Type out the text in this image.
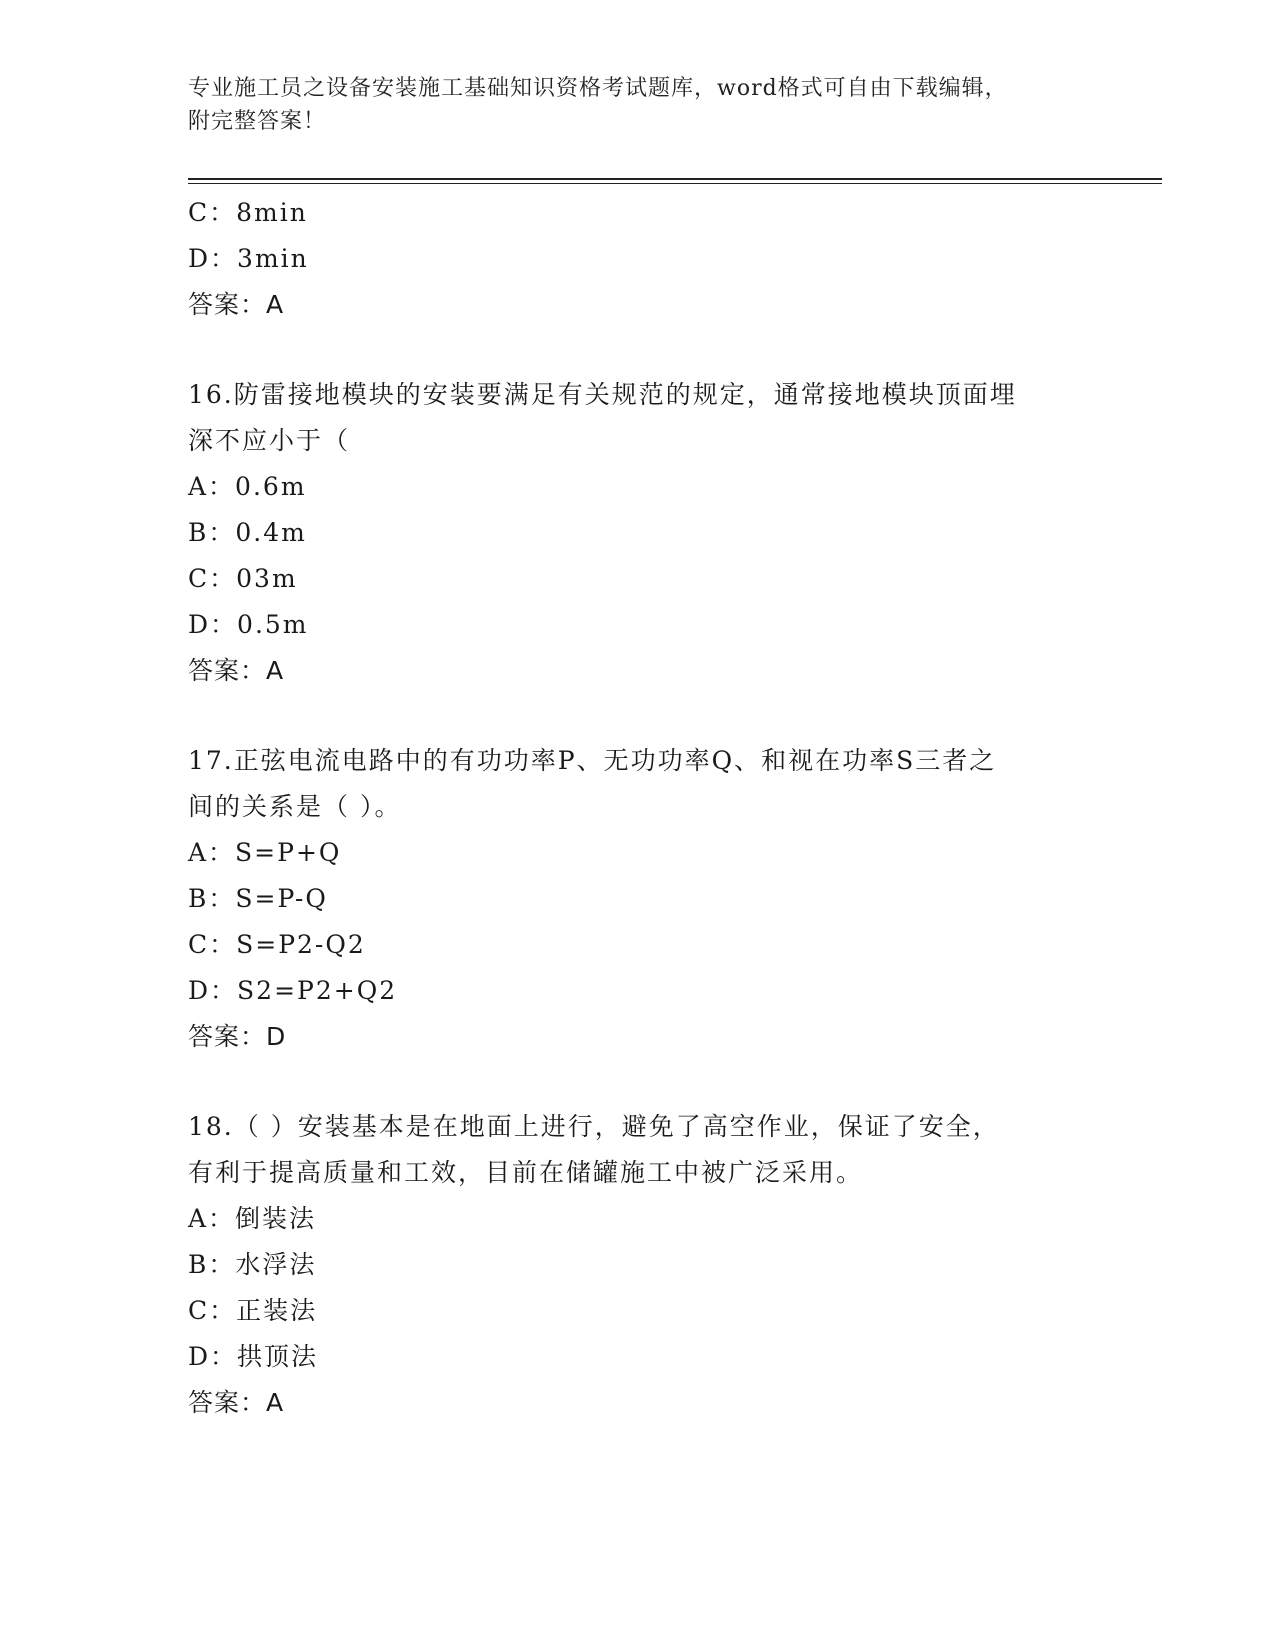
专业施工员之设备安装施工基础知识资格考试题库，word格式可自由下载编辑，
附完整答案！
C：8min
D：3min
答案：A
16.防雷接地模块的安装要满足有关规范的规定，通常接地模块顶面埋
深不应小于（
A：0.6m
B：0.4m
C：03m
D：0.5m
答案：A
17.正弦电流电路中的有功功率P、无功功率Q、和视在功率S三者之
间的关系是（ ）。
A：S=P+Q
B：S=P-Q
C：S=P2-Q2
D：S2=P2+Q2
答案：D
18.（ ）安装基本是在地面上进行，避免了高空作业，保证了安全，
有利于提高质量和工效，目前在储罐施工中被广泛采用。
A：倒装法
B：水浮法
C：正装法
D：拱顶法
答案：A
